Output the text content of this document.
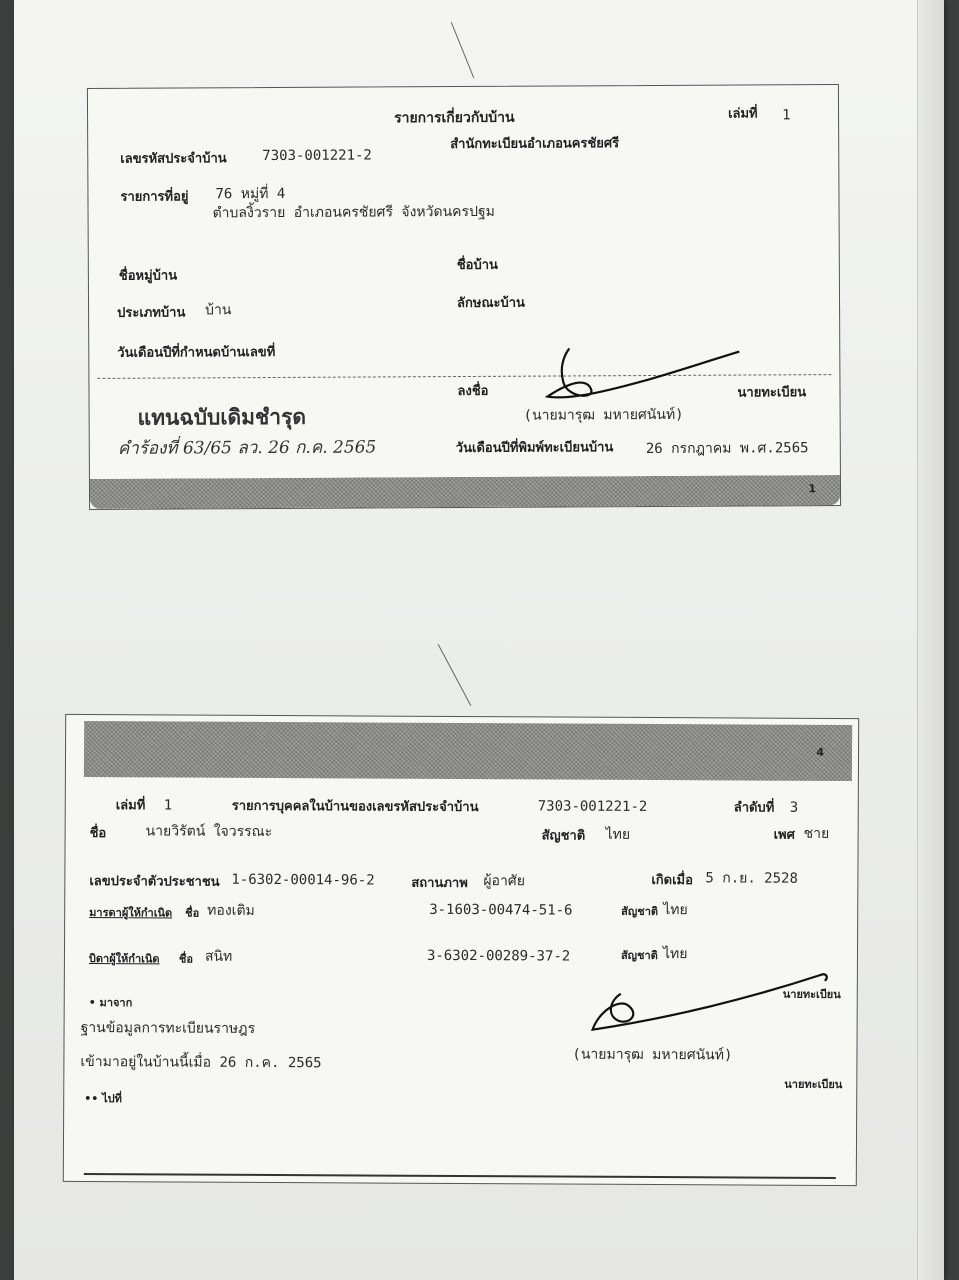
รายการเกี่ยวกับบ้าน	เล่มที่ 1
เลขรหัสประจำบ้าน	7303-001221-2
สำนักทะเบียนอำเภอนครชัยศรี
รายการที่อยู่ 76 หมู่ที่ 4
ตำบลงิ้วราย อำเภอนครชัยศรี จังหวัดนครปฐม
ชื่อหมู่บ้าน
ชื่อบ้าน
ประเภทบ้าน บ้าน	ลักษณะบ้าน
วันเดือนปีที่กำหนดบ้านเลขที่
ลงชื่อ	นายทะเบียน
แทนฉบับเดิมชำรุด	(นายมารุฒ มหายศนันท์)
คำร้องที่ 63/65 ลว. 26 ก.ค. 2565	วันเดือนปีที่พิมพ์ทะเบียนบ้าน 26 กรกฎาคม พ.ศ.2565
1
4
เล่มที่ 1	รายการบุคคลในบ้านของเลขรหัสประจำบ้าน	7303-001221-2	ลำดับที่ 3
ชื่อ	นายวิรัตน์ ใจวรรณะ	สัญชาติ ไทย	เพศ ชาย
เลขประจำตัวประชาชน 1-6302-00014-96-2	สถานภาพ ผู้อาศัย	เกิดเมื่อ 5 ก.ย. 2528
มารดาผู้ให้กำเนิด ชื่อ ทองเติม	3-1603-00474-51-6	สัญชาติ ไทย
บิดาผู้ให้กำเนิด ชื่อ สนิท	3-6302-00289-37-2	สัญชาติ ไทย
นายทะเบียน
• มาจาก
ฐานข้อมูลการทะเบียนราษฎร
เข้ามาอยู่ในบ้านนี้เมื่อ 26 ก.ค. 2565	(นายมารุฒ มหายศนันท์)
นายทะเบียน
•• ไปที่
